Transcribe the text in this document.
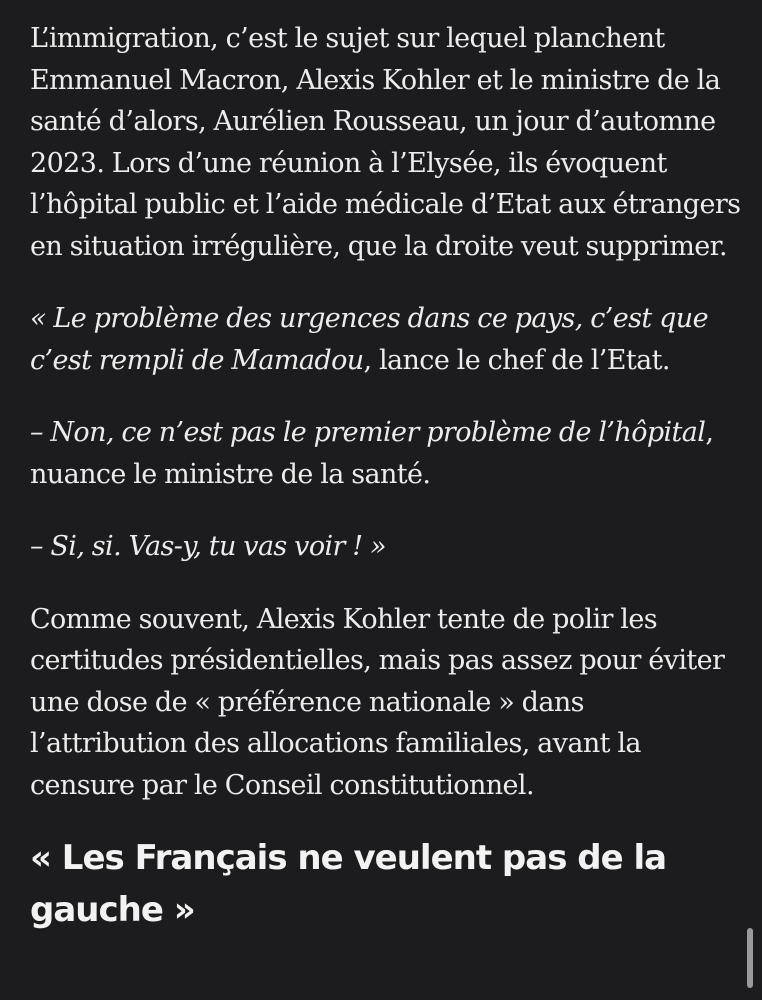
L’immigration, c’est le sujet sur lequel planchent Emmanuel Macron, Alexis Kohler et le ministre de la santé d’alors, Aurélien Rousseau, un jour d’automne 2023. Lors d’une réunion à l’Elysée, ils évoquent l’hôpital public et l’aide médicale d’Etat aux étrangers en situation irrégulière, que la droite veut supprimer.

« Le problème des urgences dans ce pays, c’est que c’est rempli de Mamadou, lance le chef de l’Etat.

– Non, ce n’est pas le premier problème de l’hôpital, nuance le ministre de la santé.

– Si, si. Vas-y, tu vas voir ! »

Comme souvent, Alexis Kohler tente de polir les certitudes présidentielles, mais pas assez pour éviter une dose de « préférence nationale » dans l’attribution des allocations familiales, avant la censure par le Conseil constitutionnel.

« Les Français ne veulent pas de la gauche »
